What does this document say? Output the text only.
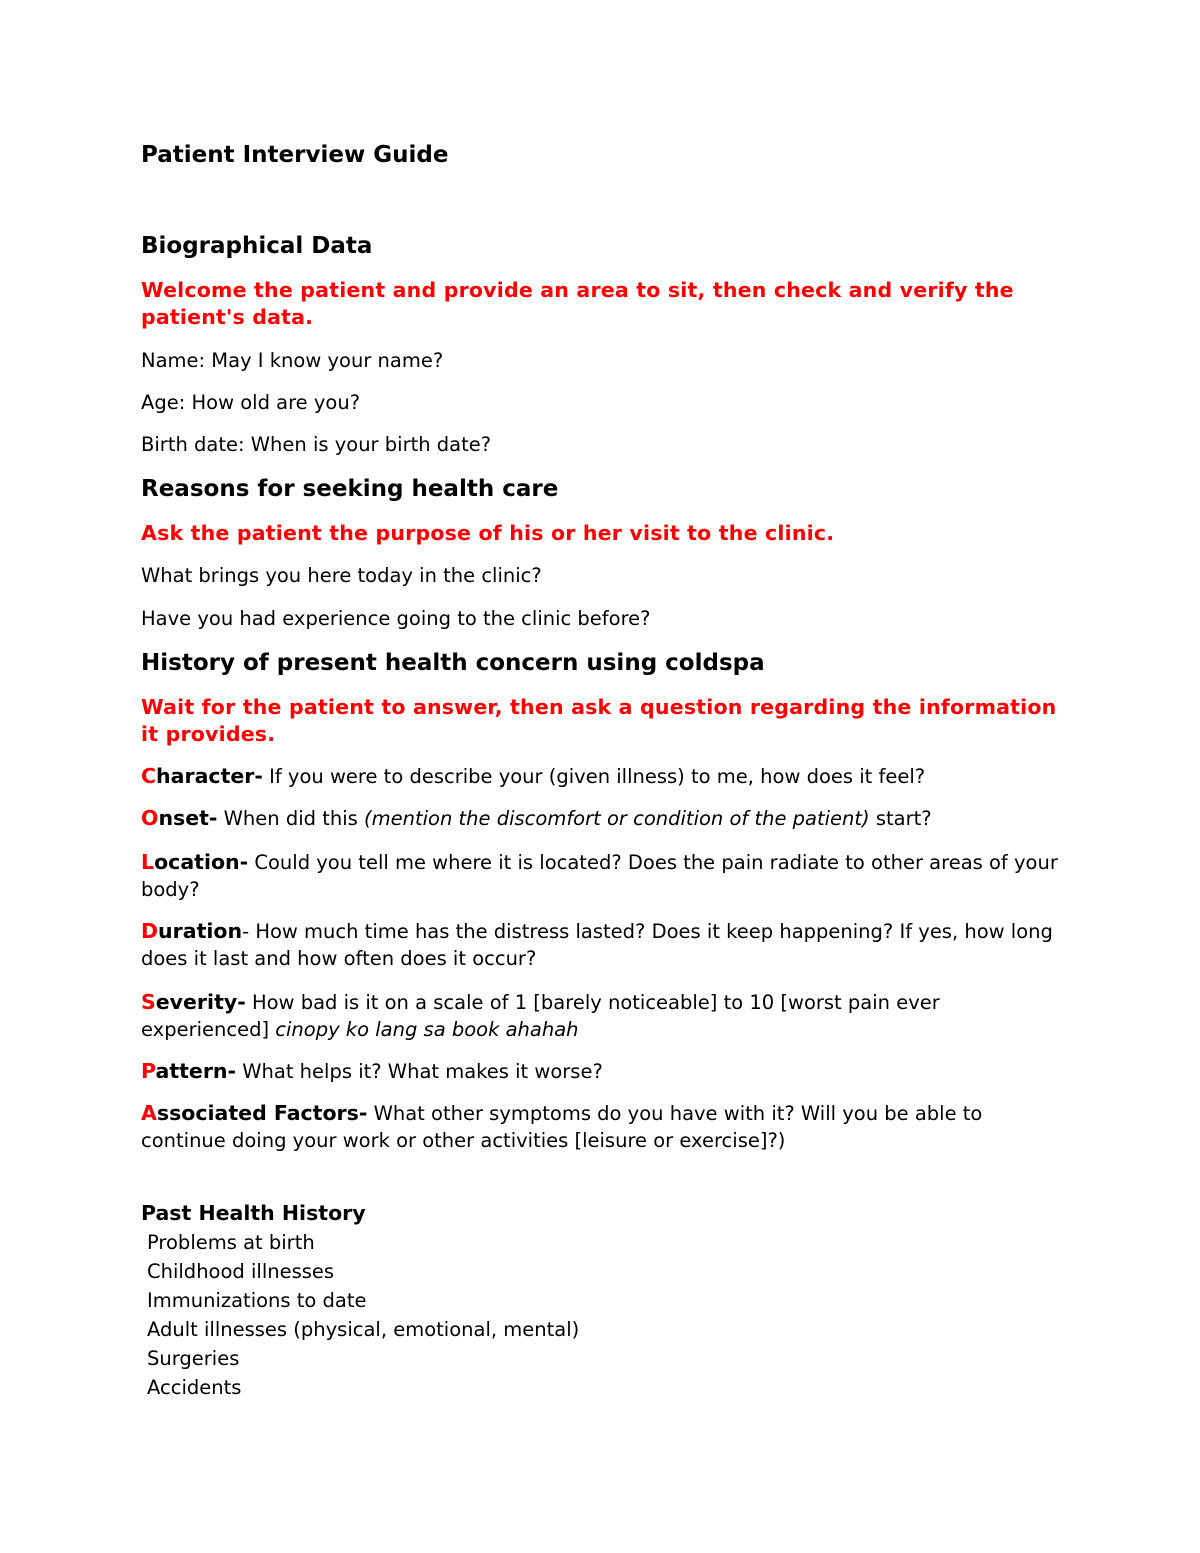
Patient Interview Guide
Biographical Data

Welcome the patient and provide an area to sit, then check and verify the patient's data.

Name: May I know your name?

Age: How old are you?

Birth date: When is your birth date?

Reasons for seeking health care

Ask the patient the purpose of his or her visit to the clinic.

What brings you here today in the clinic?

Have you had experience going to the clinic before?

History of present health concern using coldspa

Wait for the patient to answer, then ask a question regarding the information it provides.

Character- If you were to describe your (given illness) to me, how does it feel?

Onset- When did this (mention the discomfort or condition of the patient) start?

Location- Could you tell me where it is located? Does the pain radiate to other areas of your body?

Duration- How much time has the distress lasted? Does it keep happening? If yes, how long does it last and how often does it occur?

Severity- How bad is it on a scale of 1 [barely noticeable] to 10 [worst pain ever experienced] cinopy ko lang sa book ahahah

Pattern- What helps it? What makes it worse?

Associated Factors- What other symptoms do you have with it? Will you be able to continue doing your work or other activities [leisure or exercise]?)

Past Health History
Problems at birth
Childhood illnesses
Immunizations to date
Adult illnesses (physical, emotional, mental)
Surgeries
Accidents
